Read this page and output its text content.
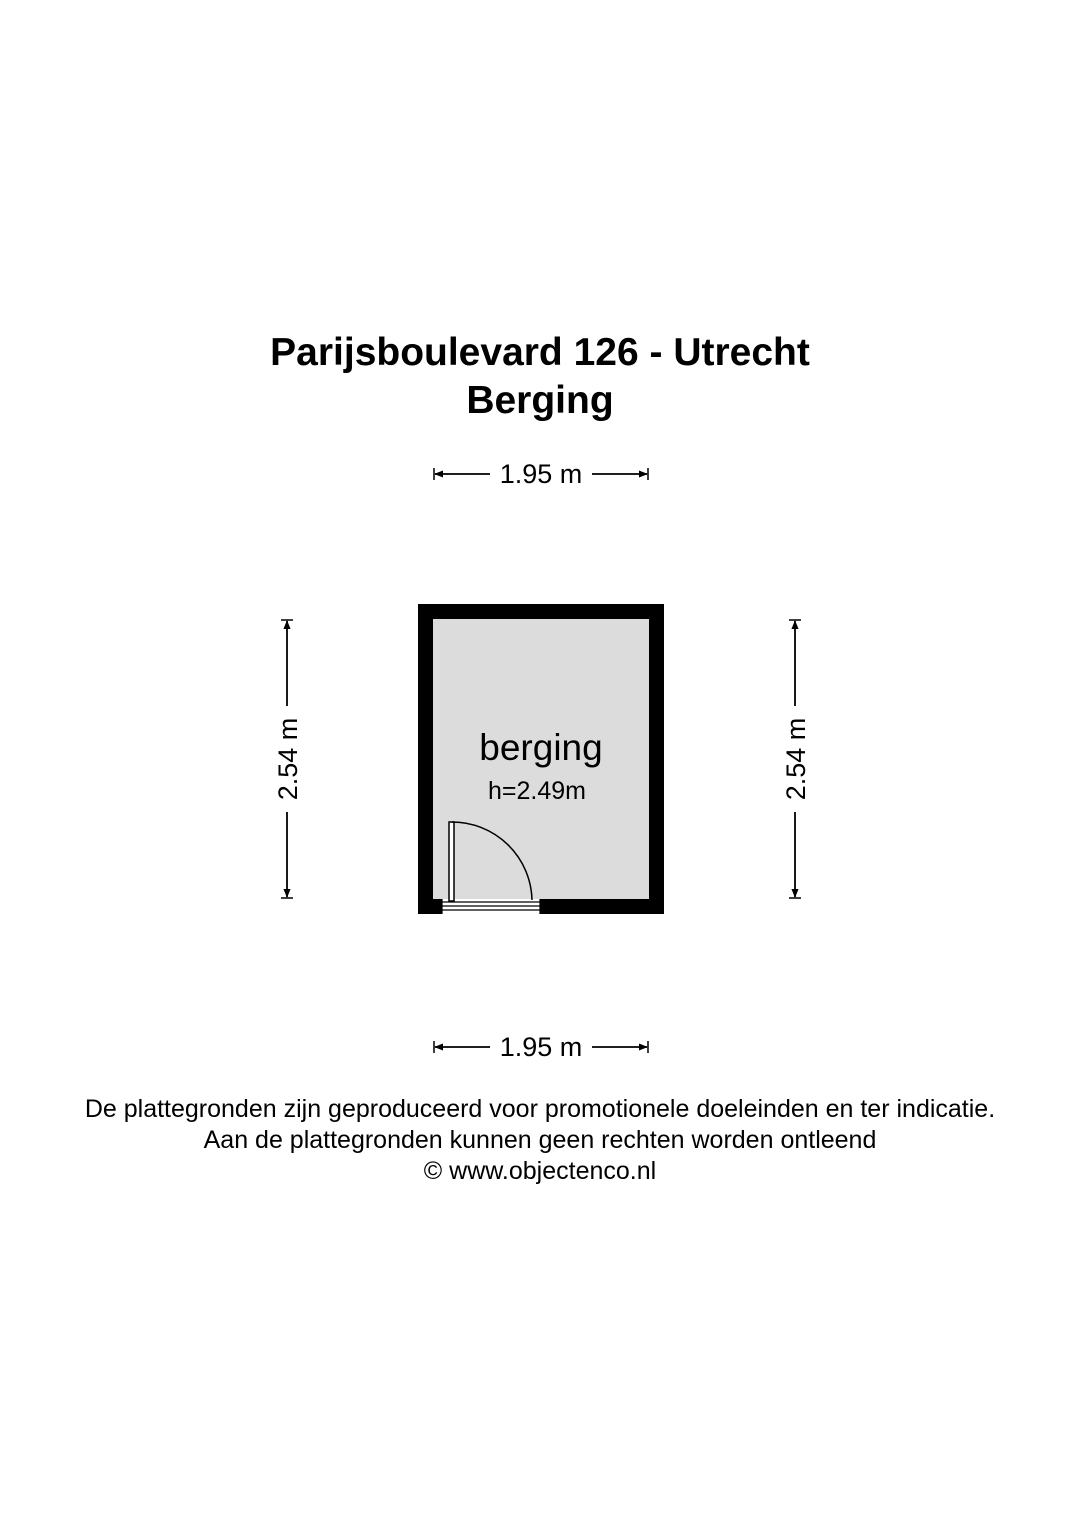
Parijsboulevard 126 - Utrecht
Berging
1.95 m
2.54 m	2.54 m
berging
h=2.49m
1.95 m

De plattegronden zijn geproduceerd voor promotionele doeleinden en ter indicatie.

Aan de plattegronden kunnen geen rechten worden ontleend

© www.objectenco.nl
